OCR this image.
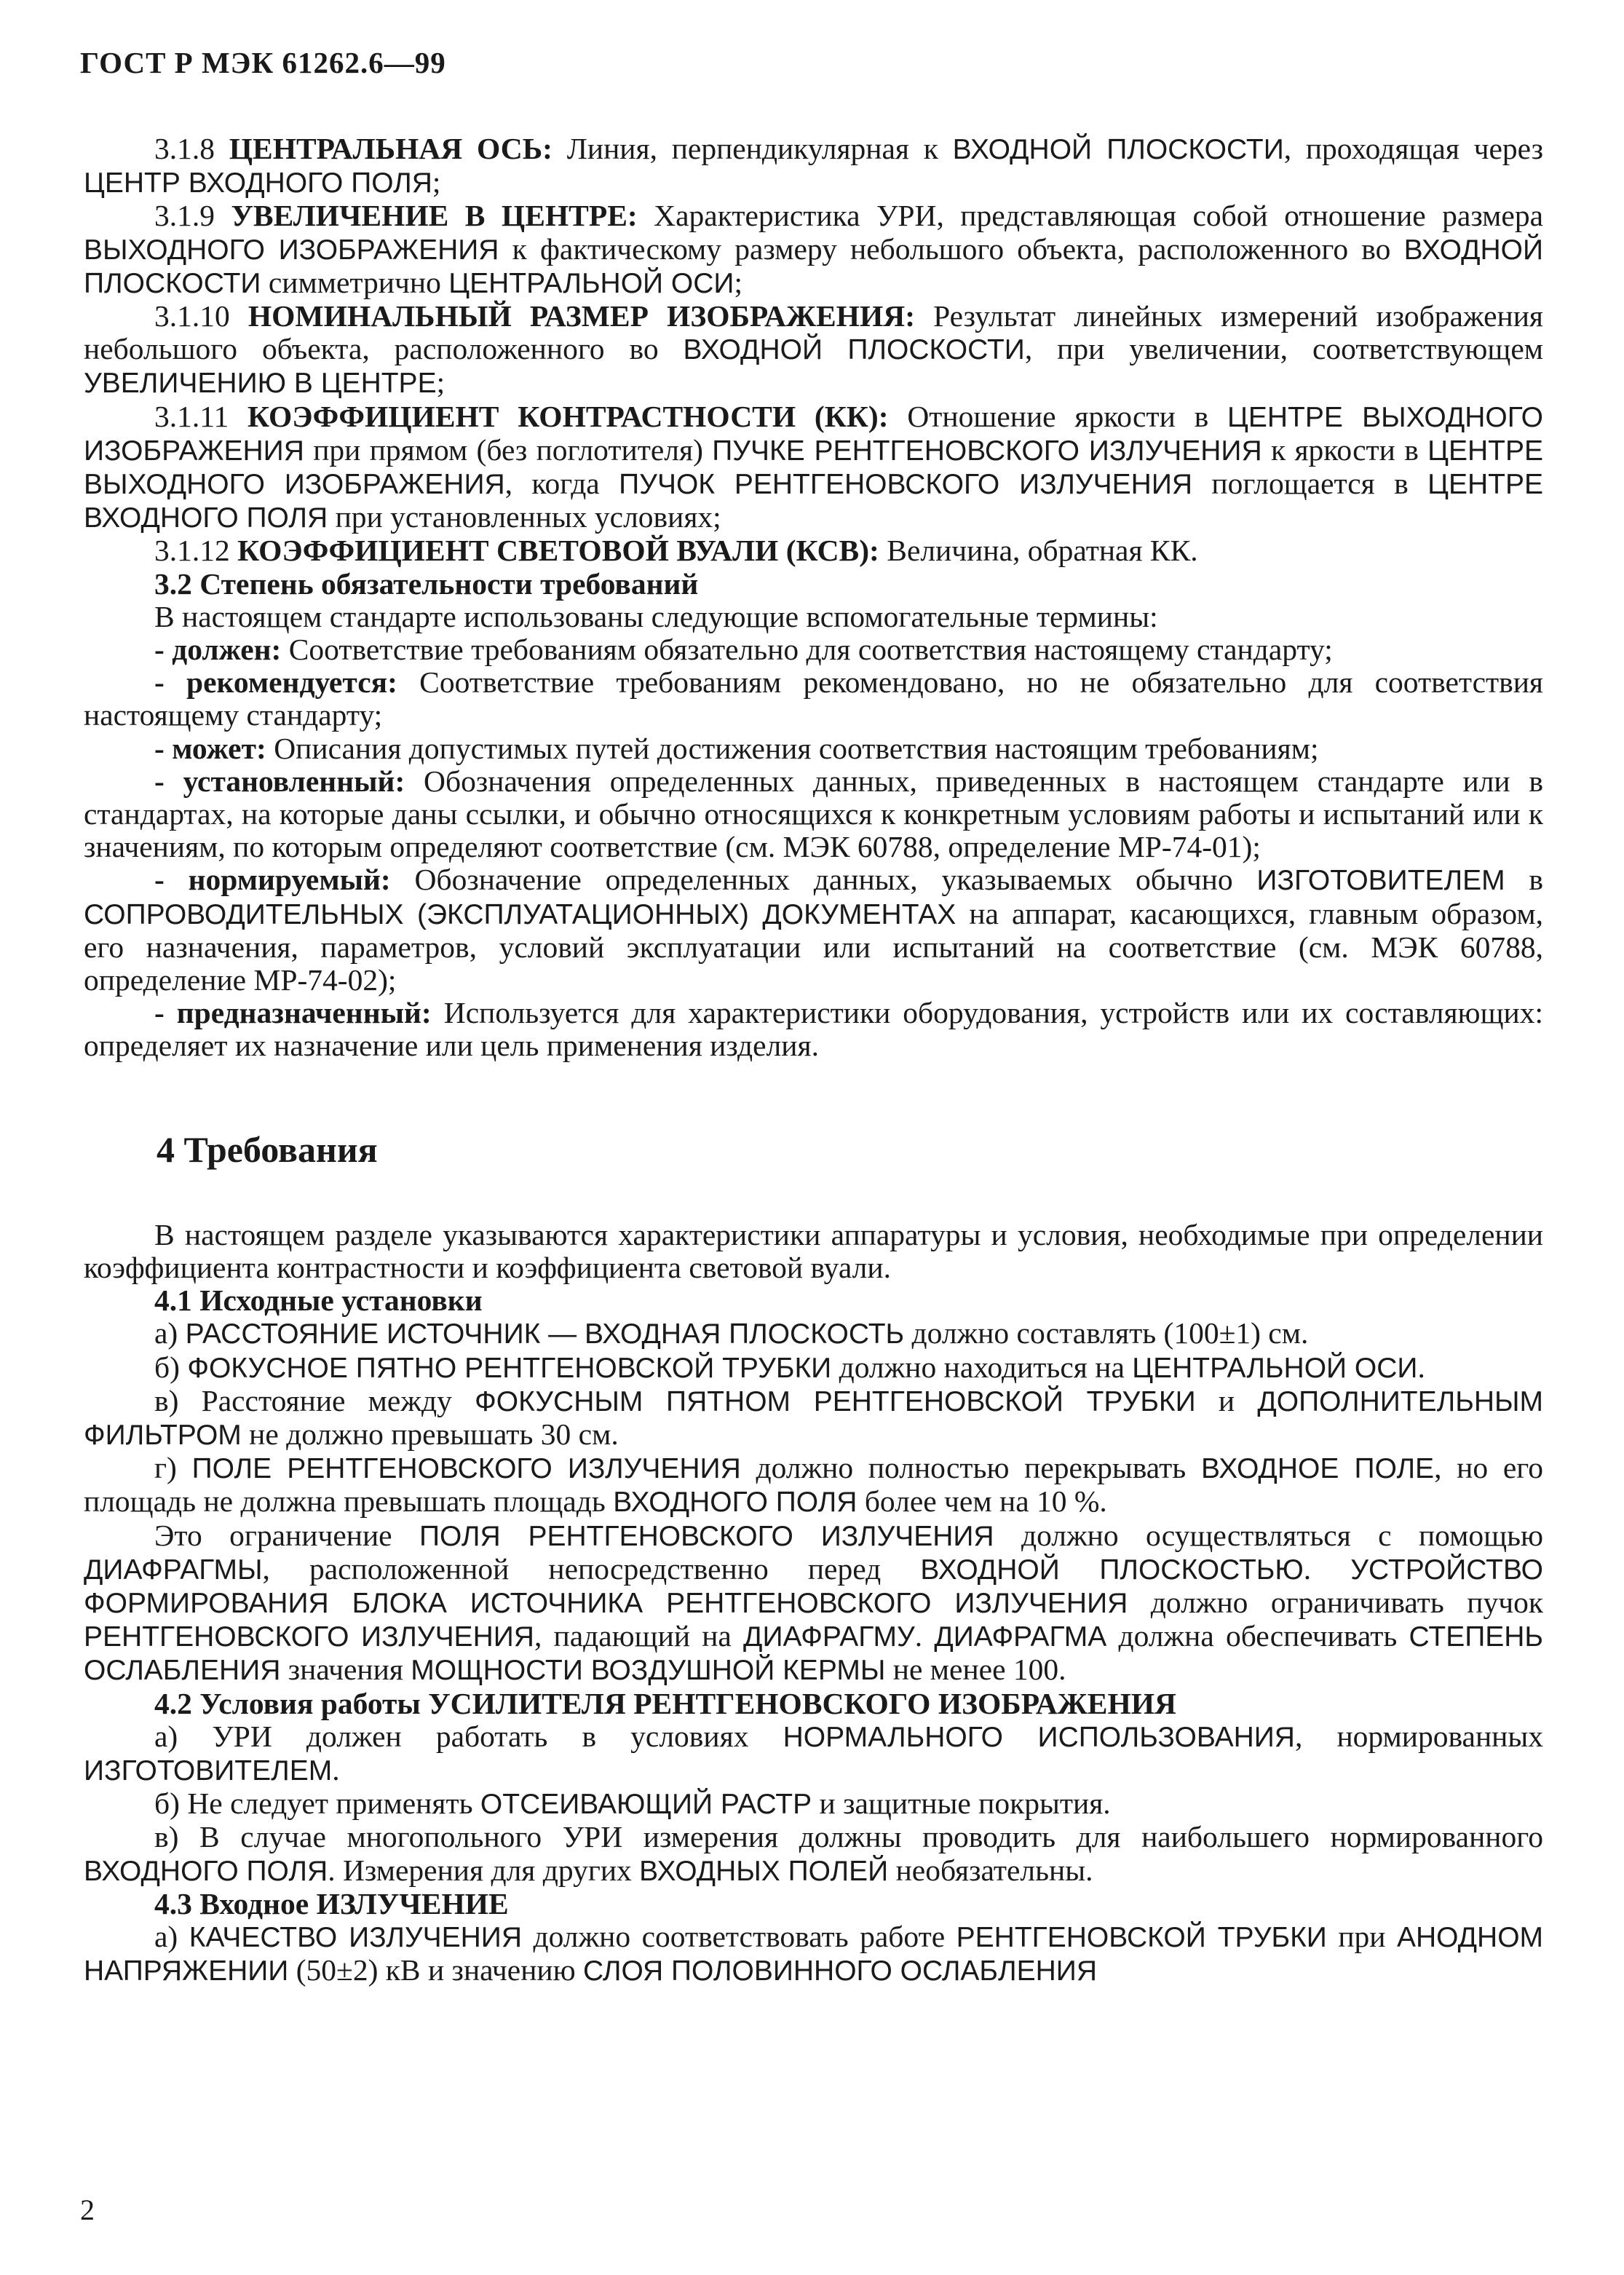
ГОСТ Р МЭК 61262.6—99

3.1.8 ЦЕНТРАЛЬНАЯ ОСЬ: Линия, перпендикулярная к ВХОДНОЙ ПЛОСКОСТИ, проходящая через ЦЕНТР ВХОДНОГО ПОЛЯ;

3.1.9 УВЕЛИЧЕНИЕ В ЦЕНТРЕ: Характеристика УРИ, представляющая собой отношение размера ВЫХОДНОГО ИЗОБРАЖЕНИЯ к фактическому размеру небольшого объекта, расположенного во ВХОДНОЙ ПЛОСКОСТИ симметрично ЦЕНТРАЛЬНОЙ ОСИ;

3.1.10 НОМИНАЛЬНЫЙ РАЗМЕР ИЗОБРАЖЕНИЯ: Результат линейных измерений изображения небольшого объекта, расположенного во ВХОДНОЙ ПЛОСКОСТИ, при увеличении, соответствующем УВЕЛИЧЕНИЮ В ЦЕНТРЕ;

3.1.11 КОЭФФИЦИЕНТ КОНТРАСТНОСТИ (КК): Отношение яркости в ЦЕНТРЕ ВЫХОДНОГО ИЗОБРАЖЕНИЯ при прямом (без поглотителя) ПУЧКЕ РЕНТГЕНОВСКОГО ИЗЛУЧЕНИЯ к яркости в ЦЕНТРЕ ВЫХОДНОГО ИЗОБРАЖЕНИЯ, когда ПУЧОК РЕНТГЕНОВСКОГО ИЗЛУЧЕНИЯ поглощается в ЦЕНТРЕ ВХОДНОГО ПОЛЯ при установленных условиях;

3.1.12 КОЭФФИЦИЕНТ СВЕТОВОЙ ВУАЛИ (КСВ): Величина, обратная КК.

3.2 Степень обязательности требований

В настоящем стандарте использованы следующие вспомогательные термины:

- должен: Соответствие требованиям обязательно для соответствия настоящему стандарту;

- рекомендуется: Соответствие требованиям рекомендовано, но не обязательно для соответствия настоящему стандарту;

- может: Описания допустимых путей достижения соответствия настоящим требованиям;

- установленный: Обозначения определенных данных, приведенных в настоящем стандарте или в стандартах, на которые даны ссылки, и обычно относящихся к конкретным условиям работы и испытаний или к значениям, по которым определяют соответствие (см. МЭК 60788, определение МР-74-01);

- нормируемый: Обозначение определенных данных, указываемых обычно ИЗГОТОВИТЕЛЕМ в СОПРОВОДИТЕЛЬНЫХ (ЭКСПЛУАТАЦИОННЫХ) ДОКУМЕНТАХ на аппарат, касающихся, главным образом, его назначения, параметров, условий эксплуатации или испытаний на соответствие (см. МЭК 60788, определение МР-74-02);

- предназначенный: Используется для характеристики оборудования, устройств или их составляющих: определяет их назначение или цель применения изделия.

4 Требования

В настоящем разделе указываются характеристики аппаратуры и условия, необходимые при определении коэффициента контрастности и коэффициента световой вуали.

4.1 Исходные установки

а) РАССТОЯНИЕ ИСТОЧНИК — ВХОДНАЯ ПЛОСКОСТЬ должно составлять (100±1) см.

б) ФОКУСНОЕ ПЯТНО РЕНТГЕНОВСКОЙ ТРУБКИ должно находиться на ЦЕНТРАЛЬНОЙ ОСИ.

в) Расстояние между ФОКУСНЫМ ПЯТНОМ РЕНТГЕНОВСКОЙ ТРУБКИ и ДОПОЛНИТЕЛЬНЫМ ФИЛЬТРОМ не должно превышать 30 см.

г) ПОЛЕ РЕНТГЕНОВСКОГО ИЗЛУЧЕНИЯ должно полностью перекрывать ВХОДНОЕ ПОЛЕ, но его площадь не должна превышать площадь ВХОДНОГО ПОЛЯ более чем на 10 %.

Это ограничение ПОЛЯ РЕНТГЕНОВСКОГО ИЗЛУЧЕНИЯ должно осуществляться с помощью ДИАФРАГМЫ, расположенной непосредственно перед ВХОДНОЙ ПЛОСКОСТЬЮ. УСТРОЙСТВО ФОРМИРОВАНИЯ БЛОКА ИСТОЧНИКА РЕНТГЕНОВСКОГО ИЗЛУЧЕНИЯ должно ограничивать пучок РЕНТГЕНОВСКОГО ИЗЛУЧЕНИЯ, падающий на ДИАФРАГМУ. ДИАФРАГМА должна обеспечивать СТЕПЕНЬ ОСЛАБЛЕНИЯ значения МОЩНОСТИ ВОЗДУШНОЙ КЕРМЫ не менее 100.

4.2 Условия работы УСИЛИТЕЛЯ РЕНТГЕНОВСКОГО ИЗОБРАЖЕНИЯ

а) УРИ должен работать в условиях НОРМАЛЬНОГО ИСПОЛЬЗОВАНИЯ, нормированных ИЗГОТОВИТЕЛЕМ.

б) Не следует применять ОТСЕИВАЮЩИЙ РАСТР и защитные покрытия.

в) В случае многопольного УРИ измерения должны проводить для наибольшего нормированного ВХОДНОГО ПОЛЯ. Измерения для других ВХОДНЫХ ПОЛЕЙ необязательны.

4.3 Входное ИЗЛУЧЕНИЕ

а) КАЧЕСТВО ИЗЛУЧЕНИЯ должно соответствовать работе РЕНТГЕНОВСКОЙ ТРУБКИ при АНОДНОМ НАПРЯЖЕНИИ (50±2) кВ и значению СЛОЯ ПОЛОВИННОГО ОСЛАБЛЕНИЯ

2
